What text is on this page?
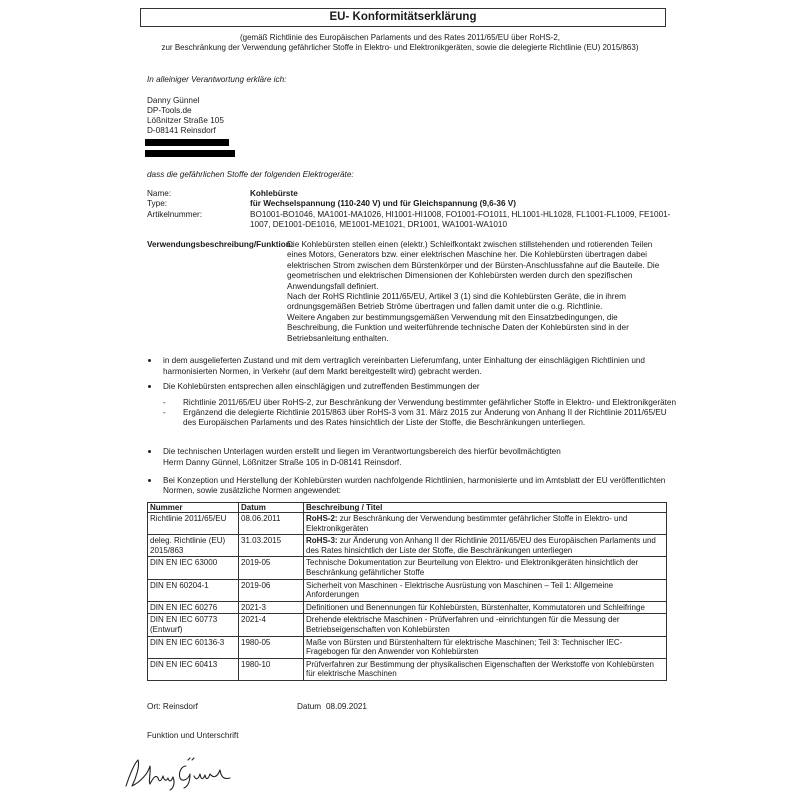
EU- Konformitätserklärung
(gemäß Richtlinie des Europäischen Parlaments und des Rates 2011/65/EU über RoHS-2,
zur Beschränkung der Verwendung gefährlicher Stoffe in Elektro- und Elektronikgeräten, sowie die delegierte Richtlinie (EU) 2015/863)
In alleiniger Verantwortung erkläre ich:
Danny Günnel
DP-Tools.de
Lößnitzer Straße 105
D-08141 Reinsdorf
dass die gefährlichen Stoffe der folgenden Elektrogeräte:
Name:	Kohlebürste
Type:	für Wechselspannung (110-240 V) und für Gleichspannung (9,6-36 V)
Artikelnummer:	BO1001-BO1046, MA1001-MA1026, HI1001-HI1008, FO1001-FO1011, HL1001-HL1028, FL1001-FL1009, FE1001-
1007, DE1001-DE1016, ME1001-ME1021, DR1001, WA1001-WA1010
Verwendungsbeschreibung/Funktion:
Die Kohlebürsten stellen einen (elektr.) Schleifkontakt zwischen stillstehenden und rotierenden Teilen
eines Motors, Generators bzw. einer elektrischen Maschine her. Die Kohlebürsten übertragen dabei
elektrischen Strom zwischen dem Bürstenkörper und der Bürsten-Anschlussfahne auf die Bauteile. Die
geometrischen und elektrischen Dimensionen der Kohlebürsten werden durch den spezifischen
Anwendungsfall definiert.
Nach der RoHS Richtlinie 2011/65/EU, Artikel 3 (1) sind die Kohlebürsten Geräte, die in ihrem
ordnungsgemäßen Betrieb Ströme übertragen und fallen damit unter die o.g. Richtlinie.
Weitere Angaben zur bestimmungsgemäßen Verwendung mit den Einsatzbedingungen, die
Beschreibung, die Funktion und weiterführende technische Daten der Kohlebürsten sind in der
Betriebsanleitung enthalten.
in dem ausgelieferten Zustand und mit dem vertraglich vereinbarten Lieferumfang, unter Einhaltung der einschlägigen Richtlinien und
harmonisierten Normen, in Verkehr (auf dem Markt bereitgestellt wird) gebracht werden.
Die Kohlebürsten entsprechen allen einschlägigen und zutreffenden Bestimmungen der
- Richtlinie 2011/65/EU über RoHS-2, zur Beschränkung der Verwendung bestimmter gefährlicher Stoffe in Elektro- und Elektronikgeräten
- Ergänzend die delegierte Richtlinie 2015/863 über RoHS-3 vom 31. März 2015 zur Änderung von Anhang II der Richtlinie 2011/65/EU
des Europäischen Parlaments und des Rates hinsichtlich der Liste der Stoffe, die Beschränkungen unterliegen.
Die technischen Unterlagen wurden erstellt und liegen im Verantwortungsbereich des hierfür bevollmächtigten
Herrn Danny Günnel, Lößnitzer Straße 105 in D-08141 Reinsdorf.
Bei Konzeption und Herstellung der Kohlebürsten wurden nachfolgende Richtlinien, harmonisierte und im Amtsblatt der EU veröffentlichten
Normen, sowie zusätzliche Normen angewendet:
Nummer	Datum	Beschreibung / Titel
Richtlinie 2011/65/EU	08.06.2011	RoHS-2: zur Beschränkung der Verwendung bestimmter gefährlicher Stoffe in Elektro- und Elektronikgeräten
deleg. Richtlinie (EU) 2015/863	31.03.2015	RoHS-3: zur Änderung von Anhang II der Richtlinie 2011/65/EU des Europäischen Parlaments und des Rates hinsichtlich der Liste der Stoffe, die Beschränkungen unterliegen
DIN EN IEC 63000	2019-05	Technische Dokumentation zur Beurteilung von Elektro- und Elektronikgeräten hinsichtlich der Beschränkung gefährlicher Stoffe
DIN EN 60204-1	2019-06	Sicherheit von Maschinen - Elektrische Ausrüstung von Maschinen – Teil 1: Allgemeine Anforderungen
DIN EN IEC 60276	2021-3	Definitionen und Benennungen für Kohlebürsten, Bürstenhalter, Kommutatoren und Schleifringe
DIN EN IEC 60773 (Entwurf)	2021-4	Drehende elektrische Maschinen - Prüfverfahren und -einrichtungen für die Messung der Betriebseigenschaften von Kohlebürsten
DIN EN IEC 60136-3	1980-05	Maße von Bürsten und Bürstenhaltern für elektrische Maschinen; Teil 3: Technischer IEC-Fragebogen für den Anwender von Kohlebürsten
DIN EN IEC 60413	1980-10	Prüfverfahren zur Bestimmung der physikalischen Eigenschaften der Werkstoffe von Kohlebürsten für elektrische Maschinen
Ort: Reinsdorf	Datum 08.09.2021
Funktion und Unterschrift
